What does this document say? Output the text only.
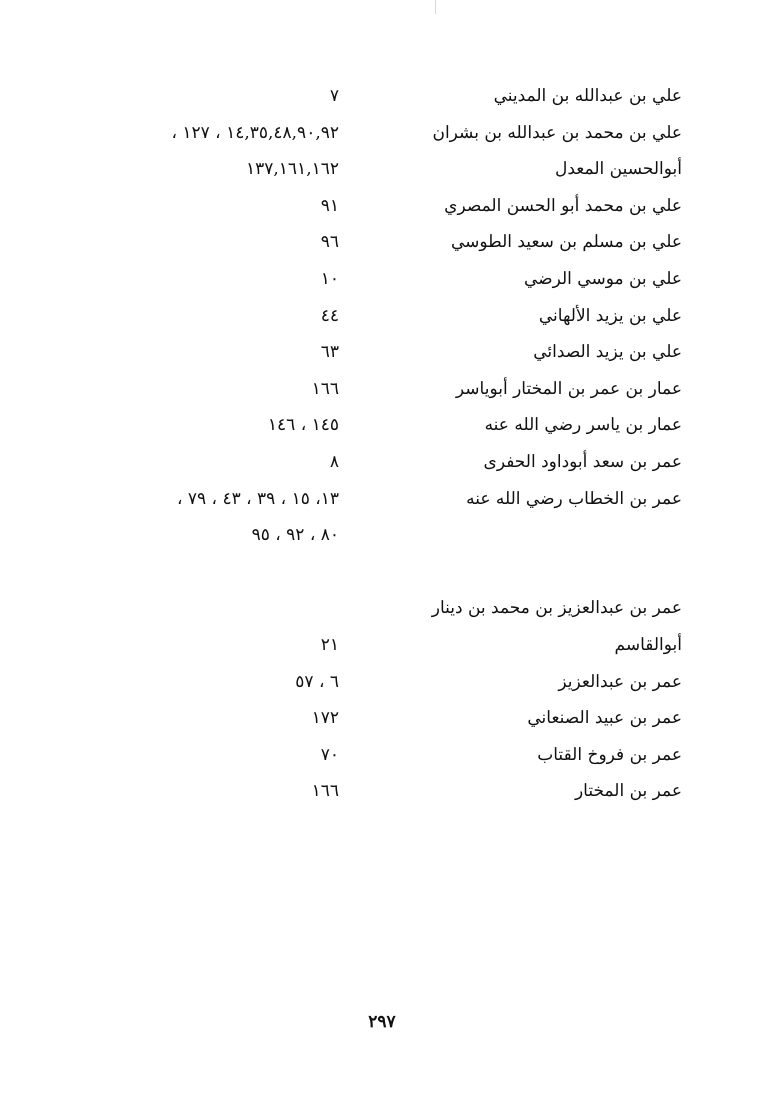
علي بن عبدالله بن المديني
٧
علي بن محمد بن عبدالله بن بشران
١٤,٣٥,٤٨,٩٠,٩٢ ، ١٢٧ ،
أبوالحسين المعدل
١٣٧,١٦١,١٦٢
علي بن محمد أبو الحسن المصري
٩١
علي بن مسلم بن سعيد الطوسي
٩٦
علي بن موسي الرضي
١٠
علي بن يزيد الألهاني
٤٤
علي بن يزيد الصدائي
٦٣
عمار بن عمر بن المختار أبوياسر
١٦٦
عمار بن ياسر رضي الله عنه
١٤٥ ، ١٤٦
عمر بن سعد أبوداود الحفرى
٨
عمر بن الخطاب رضي الله عنه
١٣، ١٥ ، ٣٩ ، ٤٣ ، ٧٩ ،
٨٠ ، ٩٢ ، ٩٥
عمر بن عبدالعزيز بن محمد بن دينار
أبوالقاسم
٢١
عمر بن عبدالعزيز
٦ ، ٥٧
عمر بن عبيد الصنعاني
١٧٢
عمر بن فروخ القتاب
٧٠
عمر بن المختار
١٦٦
٢٩٧
